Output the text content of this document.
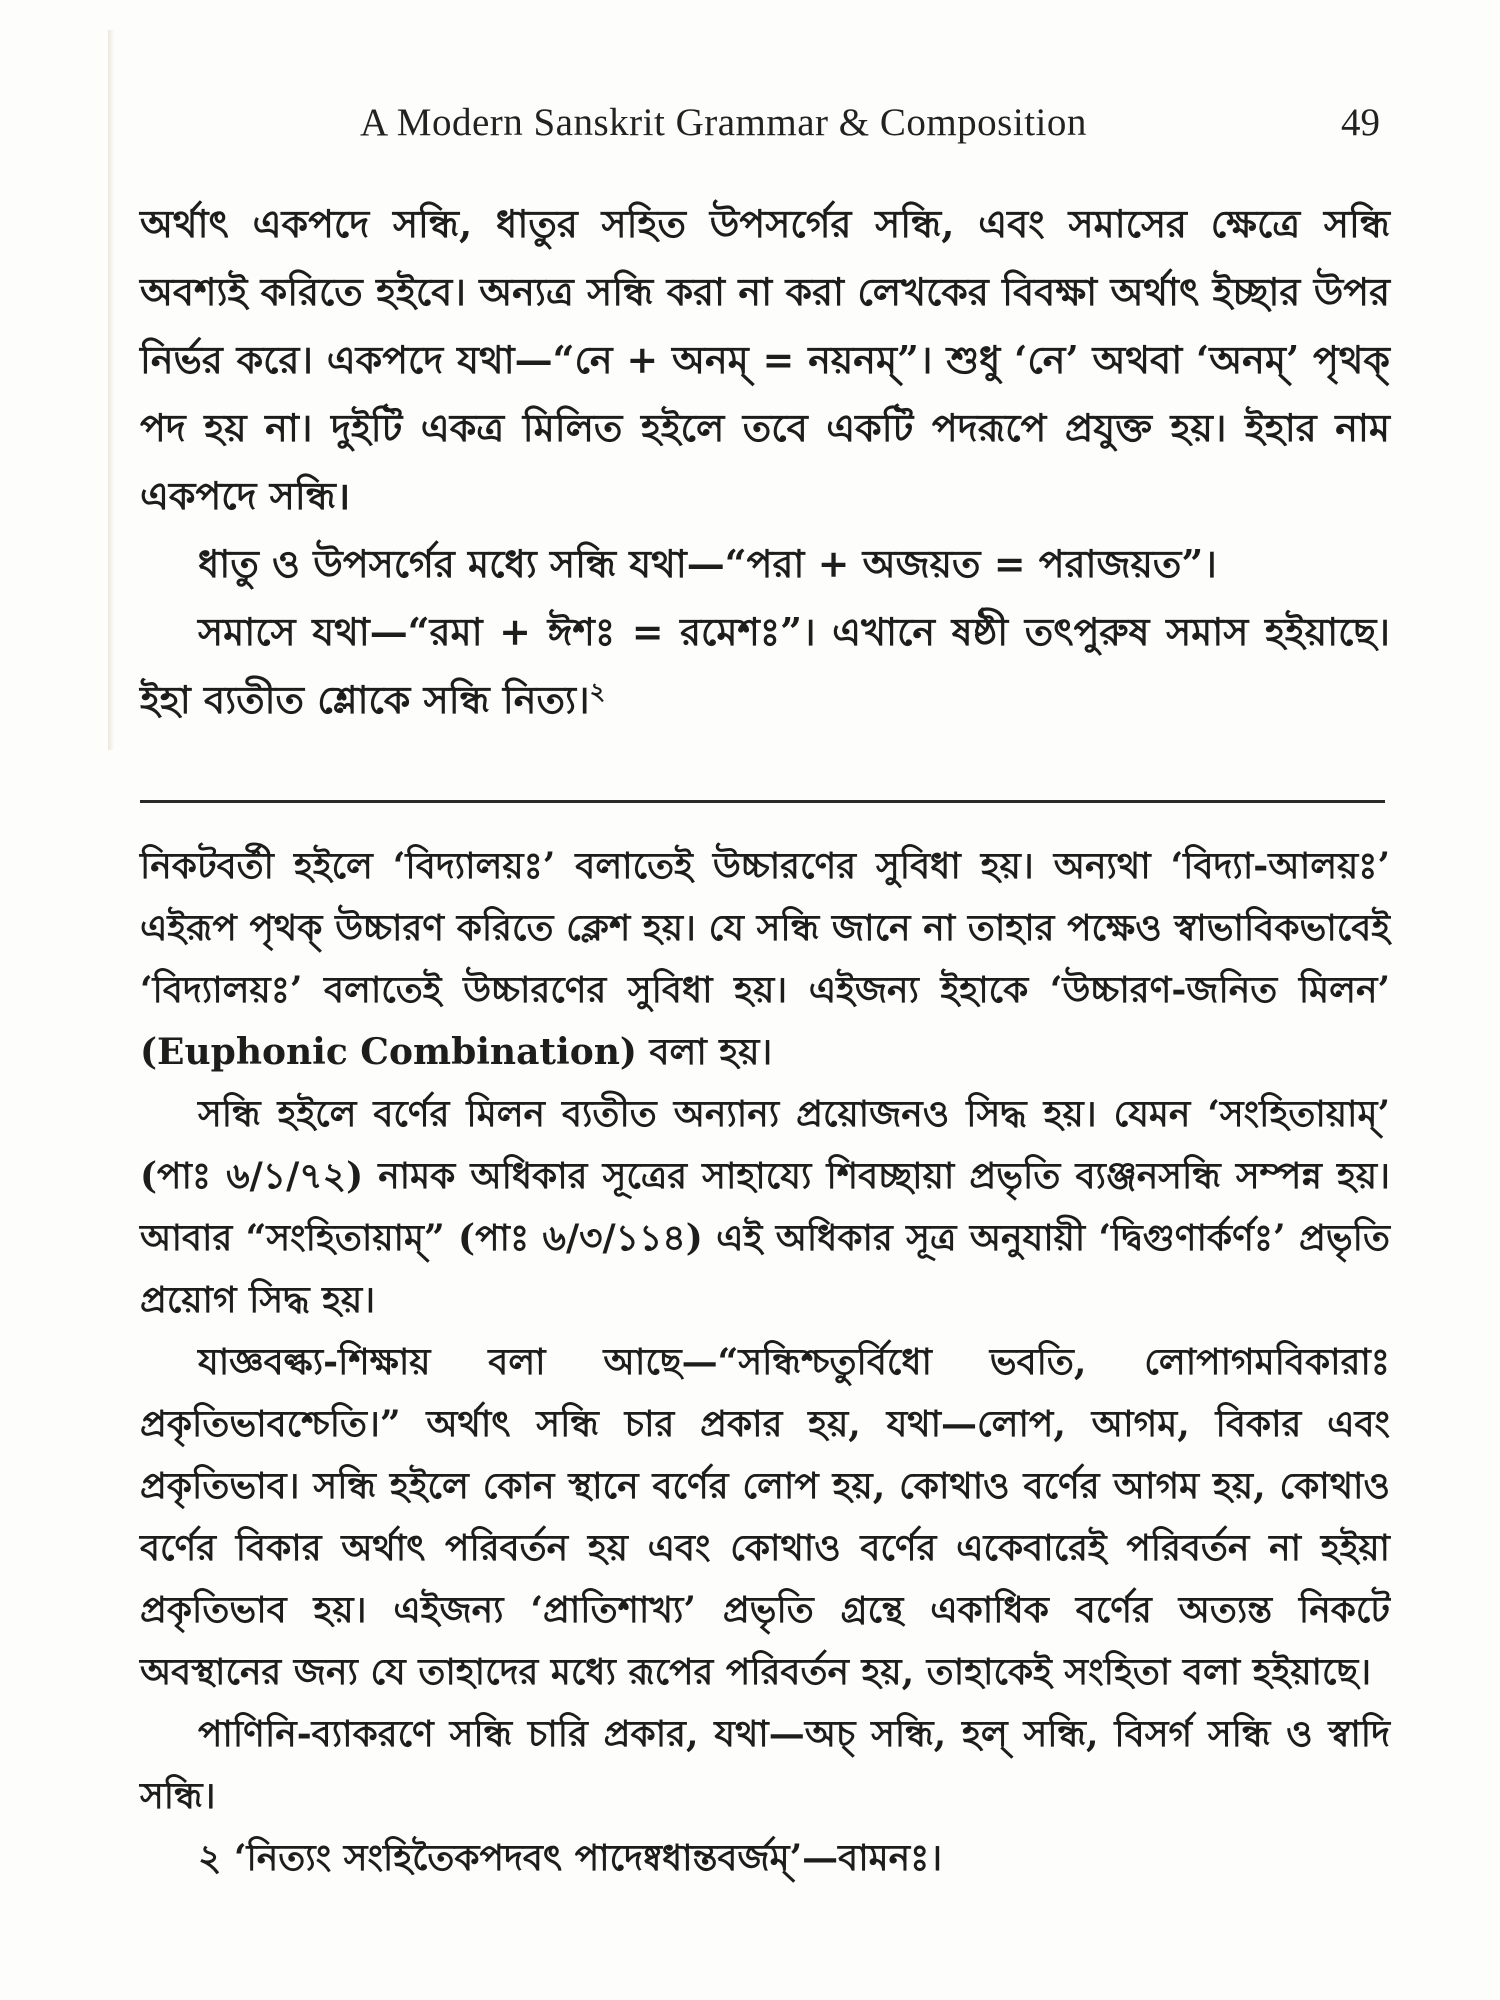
A Modern Sanskrit Grammar & Composition	49

অর্থাৎ একপদে সন্ধি, ধাতুর সহিত উপসর্গের সন্ধি, এবং সমাসের ক্ষেত্রে সন্ধি অবশ্যই করিতে হইবে। অন্যত্র সন্ধি করা না করা লেখকের বিবক্ষা অর্থাৎ ইচ্ছার উপর নির্ভর করে। একপদে যথা—“নে + অনম্ = নয়নম্”। শুধু ‘নে’ অথবা ‘অনম্’ পৃথক্ পদ হয় না। দুইটি একত্র মিলিত হইলে তবে একটি পদরূপে প্রযুক্ত হয়। ইহার নাম একপদে সন্ধি।

ধাতু ও উপসর্গের মধ্যে সন্ধি যথা—“পরা + অজয়ত = পরাজয়ত”।

সমাসে যথা—“রমা + ঈশঃ = রমেশঃ”। এখানে ষষ্ঠী তৎপুরুষ সমাস হইয়াছে। ইহা ব্যতীত শ্লোকে সন্ধি নিত্য।$^২$

নিকটবর্তী হইলে ‘বিদ্যালয়ঃ’ বলাতেই উচ্চারণের সুবিধা হয়। অন্যথা ‘বিদ্যা-আলয়ঃ’ এইরূপ পৃথক্ উচ্চারণ করিতে ক্লেশ হয়। যে সন্ধি জানে না তাহার পক্ষেও স্বাভাবিকভাবেই ‘বিদ্যালয়ঃ’ বলাতেই উচ্চারণের সুবিধা হয়। এইজন্য ইহাকে ‘উচ্চারণ-জনিত মিলন’ (Euphonic Combination) বলা হয়।

সন্ধি হইলে বর্ণের মিলন ব্যতীত অন্যান্য প্রয়োজনও সিদ্ধ হয়। যেমন ‘সংহিতায়াম্’ (পাঃ ৬/১/৭২) নামক অধিকার সূত্রের সাহায্যে শিবচ্ছায়া প্রভৃতি ব্যঞ্জনসন্ধি সম্পন্ন হয়। আবার “সংহিতায়াম্” (পাঃ ৬/৩/১১৪) এই অধিকার সূত্র অনুযায়ী ‘দ্বিগুণার্কর্ণঃ’ প্রভৃতি প্রয়োগ সিদ্ধ হয়।

যাজ্ঞবল্ক্য-শিক্ষায় বলা আছে—“সন্ধিশ্চতুর্বিধো ভবতি, লোপাগমবিকারাঃ প্রকৃতিভাবশ্চেতি।” অর্থাৎ সন্ধি চার প্রকার হয়, যথা—লোপ, আগম, বিকার এবং প্রকৃতিভাব। সন্ধি হইলে কোন স্থানে বর্ণের লোপ হয়, কোথাও বর্ণের আগম হয়, কোথাও বর্ণের বিকার অর্থাৎ পরিবর্তন হয় এবং কোথাও বর্ণের একেবারেই পরিবর্তন না হইয়া প্রকৃতিভাব হয়। এইজন্য ‘প্রাতিশাখ্য’ প্রভৃতি গ্রন্থে একাধিক বর্ণের অত্যন্ত নিকটে অবস্থানের জন্য যে তাহাদের মধ্যে রূপের পরিবর্তন হয়, তাহাকেই সংহিতা বলা হইয়াছে।

পাণিনি-ব্যাকরণে সন্ধি চারি প্রকার, যথা—অচ্ সন্ধি, হল্ সন্ধি, বিসর্গ সন্ধি ও স্বাদি সন্ধি।

২ ‘নিত্যং সংহিতৈকপদবৎ পাদেষ্বধান্তবর্জম্’—বামনঃ।
